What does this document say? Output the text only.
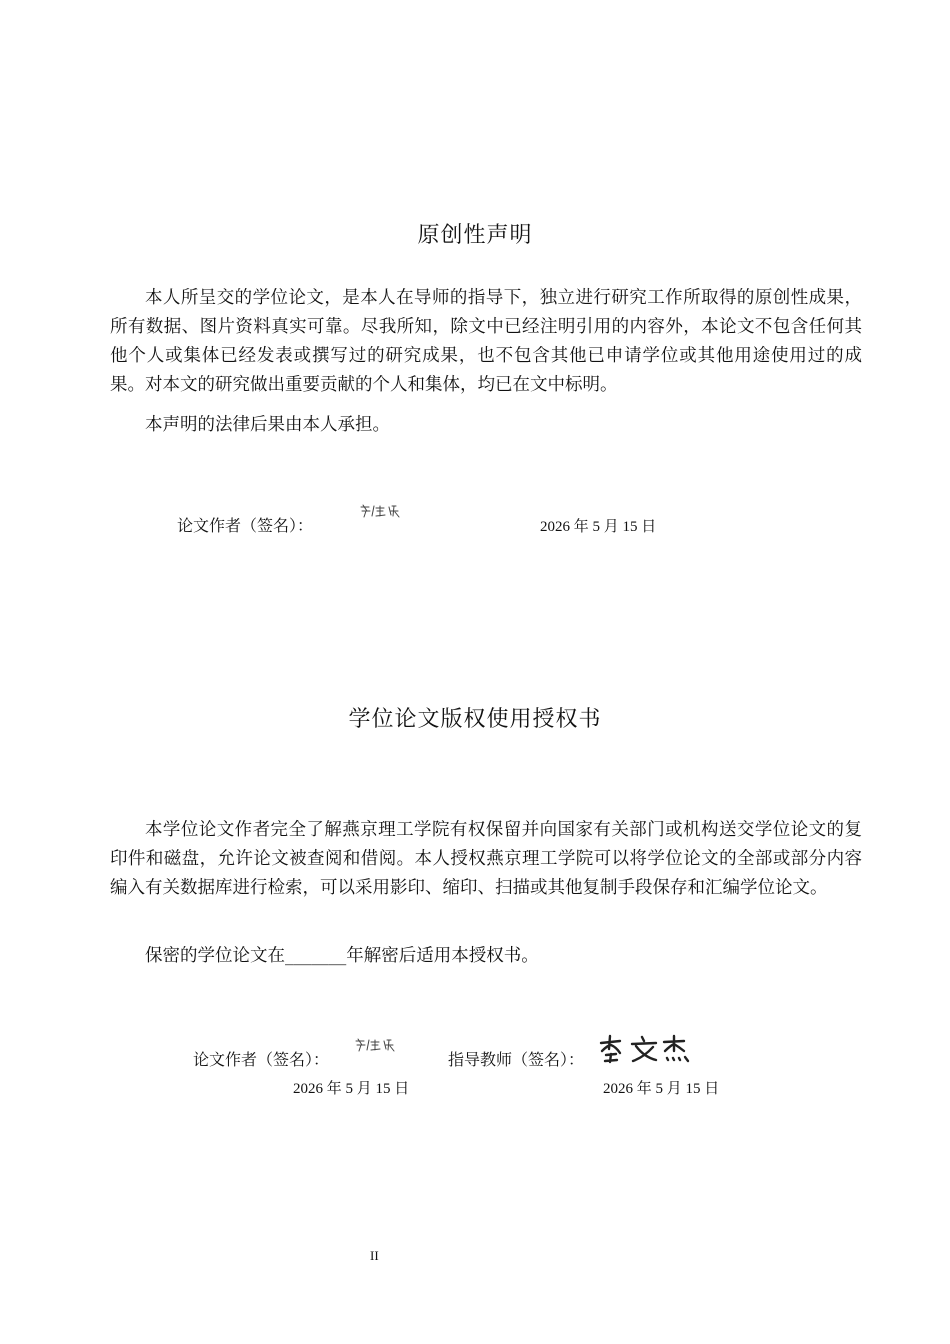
原创性声明

本人所呈交的学位论文，是本人在导师的指导下，独立进行研究工作所取得的原创性成果，所有数据、图片资料真实可靠。尽我所知，除文中已经注明引用的内容外，本论文不包含任何其他个人或集体已经发表或撰写过的研究成果，也不包含其他已申请学位或其他用途使用过的成果。对本文的研究做出重要贡献的个人和集体，均已在文中标明。

本声明的法律后果由本人承担。

论文作者（签名）：	2026 年 5 月 15 日
学位论文版权使用授权书

本学位论文作者完全了解燕京理工学院有权保留并向国家有关部门或机构送交学位论文的复印件和磁盘，允许论文被查阅和借阅。本人授权燕京理工学院可以将学位论文的全部或部分内容编入有关数据库进行检索，可以采用影印、缩印、扫描或其他复制手段保存和汇编学位论文。

保密的学位论文在_______年解密后适用本授权书。

论文作者（签名）：	指导教师（签名）：
2026 年 5 月 15 日	2026 年 5 月 15 日
II
